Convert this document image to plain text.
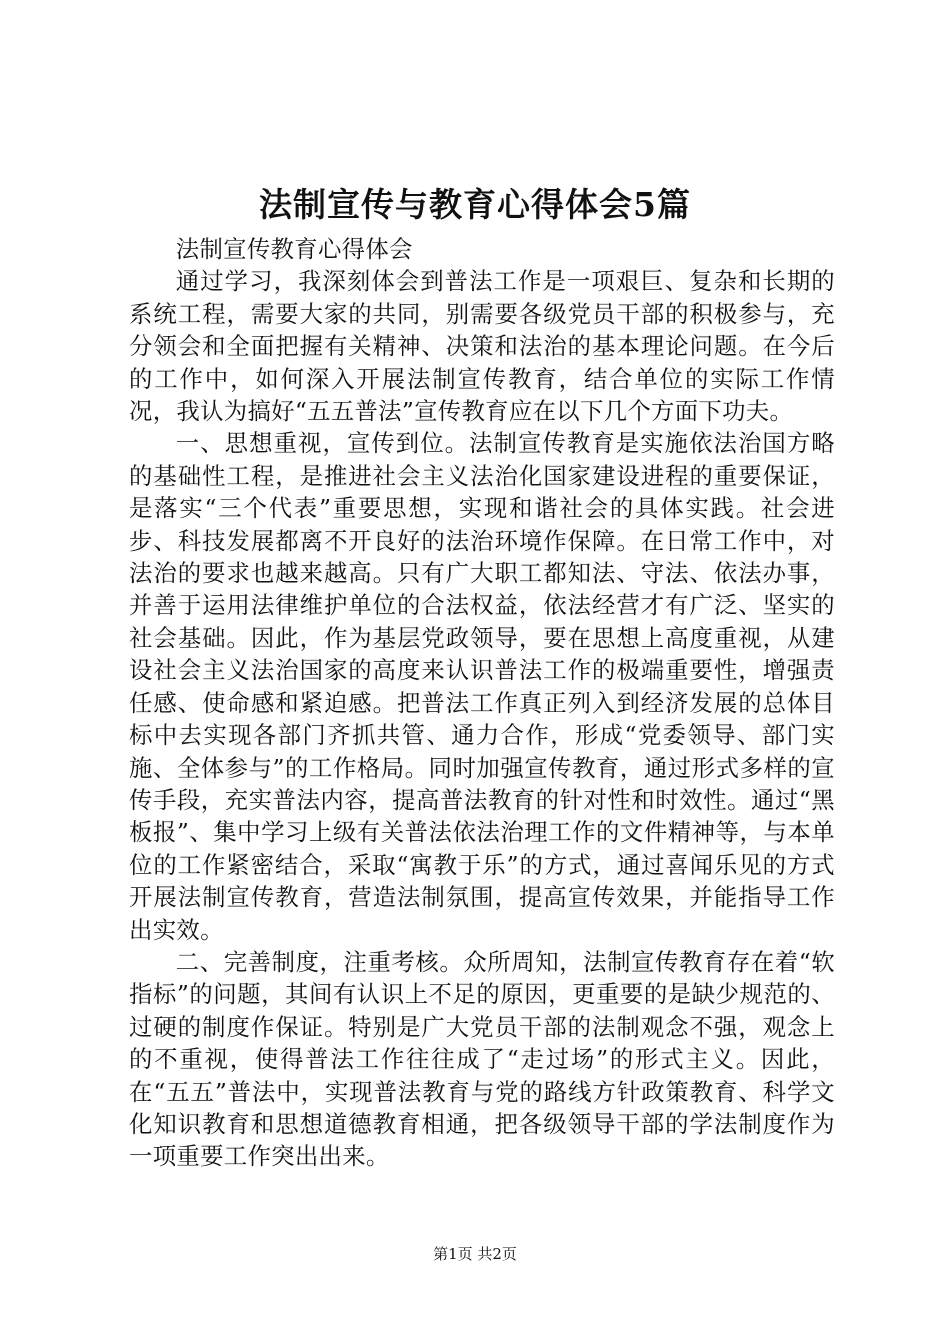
法制宣传与教育心得体会5篇

法制宣传教育心得体会

通过学习，我深刻体会到普法工作是一项艰巨、复杂和长期的系统工程，需要大家的共同，别需要各级党员干部的积极参与，充分领会和全面把握有关精神、决策和法治的基本理论问题。在今后的工作中，如何深入开展法制宣传教育，结合单位的实际工作情况，我认为搞好“五五普法”宣传教育应在以下几个方面下功夫。

一、思想重视，宣传到位。法制宣传教育是实施依法治国方略的基础性工程，是推进社会主义法治化国家建设进程的重要保证，是落实“三个代表”重要思想，实现和谐社会的具体实践。社会进步、科技发展都离不开良好的法治环境作保障。在日常工作中，对法治的要求也越来越高。只有广大职工都知法、守法、依法办事，并善于运用法律维护单位的合法权益，依法经营才有广泛、坚实的社会基础。因此，作为基层党政领导，要在思想上高度重视，从建设社会主义法治国家的高度来认识普法工作的极端重要性，增强责任感、使命感和紧迫感。把普法工作真正列入到经济发展的总体目标中去实现各部门齐抓共管、通力合作，形成“党委领导、部门实施、全体参与”的工作格局。同时加强宣传教育，通过形式多样的宣传手段，充实普法内容，提高普法教育的针对性和时效性。通过“黑板报”、集中学习上级有关普法依法治理工作的文件精神等，与本单位的工作紧密结合，采取“寓教于乐”的方式，通过喜闻乐见的方式开展法制宣传教育，营造法制氛围，提高宣传效果，并能指导工作出实效。

二、完善制度，注重考核。众所周知，法制宣传教育存在着“软指标”的问题，其间有认识上不足的原因，更重要的是缺少规范的、过硬的制度作保证。特别是广大党员干部的法制观念不强，观念上的不重视，使得普法工作往往成了“走过场”的形式主义。因此，在“五五”普法中，实现普法教育与党的路线方针政策教育、科学文化知识教育和思想道德教育相通，把各级领导干部的学法制度作为一项重要工作突出出来。

第1页 共2页
